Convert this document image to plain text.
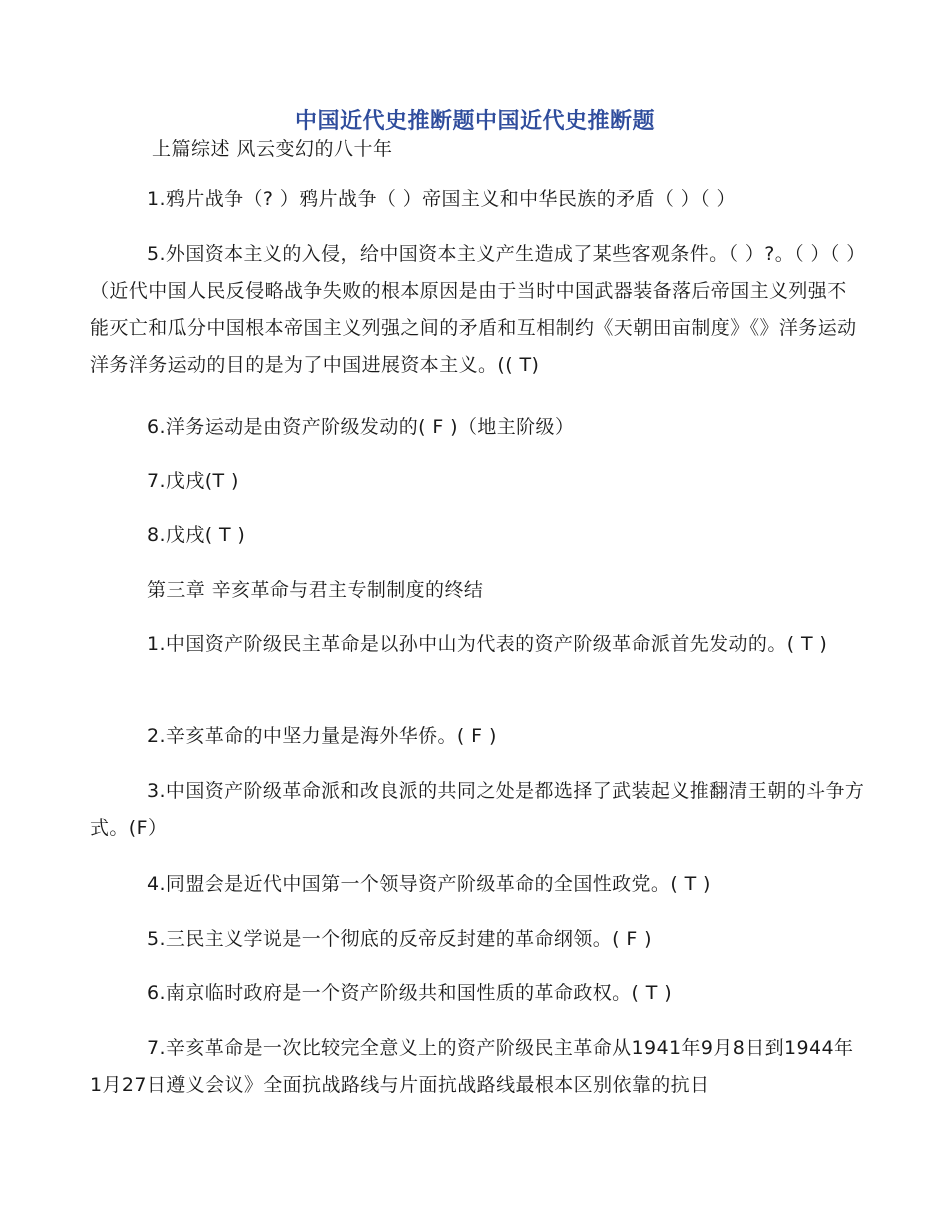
中国近代史推断题中国近代史推断题
上篇综述 风云变幻的八十年

1.鸦片战争（? ）鸦片战争（ ）帝国主义和中华民族的矛盾（ ）（ ）

5.外国资本主义的入侵，给中国资本主义产生造成了某些客观条件。（ ）?。（ ）（ ）（近代中国人民反侵略战争失败的根本原因是由于当时中国武器装备落后帝国主义列强不能灭亡和瓜分中国根本帝国主义列强之间的矛盾和互相制约《天朝田亩制度》《》洋务运动洋务洋务运动的目的是为了中国进展资本主义。(( T)

6.洋务运动是由资产阶级发动的( F )（地主阶级）

7.戊戌(T )

8.戊戌( T )

第三章 辛亥革命与君主专制制度的终结

1.中国资产阶级民主革命是以孙中山为代表的资产阶级革命派首先发动的。( T )

2.辛亥革命的中坚力量是海外华侨。( F )

3.中国资产阶级革命派和改良派的共同之处是都选择了武装起义推翻清王朝的斗争方式。(F）

4.同盟会是近代中国第一个领导资产阶级革命的全国性政党。( T )

5.三民主义学说是一个彻底的反帝反封建的革命纲领。( F )

6.南京临时政府是一个资产阶级共和国性质的革命政权。( T )

7.辛亥革命是一次比较完全意义上的资产阶级民主革命从1941年9月8日到1944年1月27日遵义会议》全面抗战路线与片面抗战路线最根本区别依靠的抗日
